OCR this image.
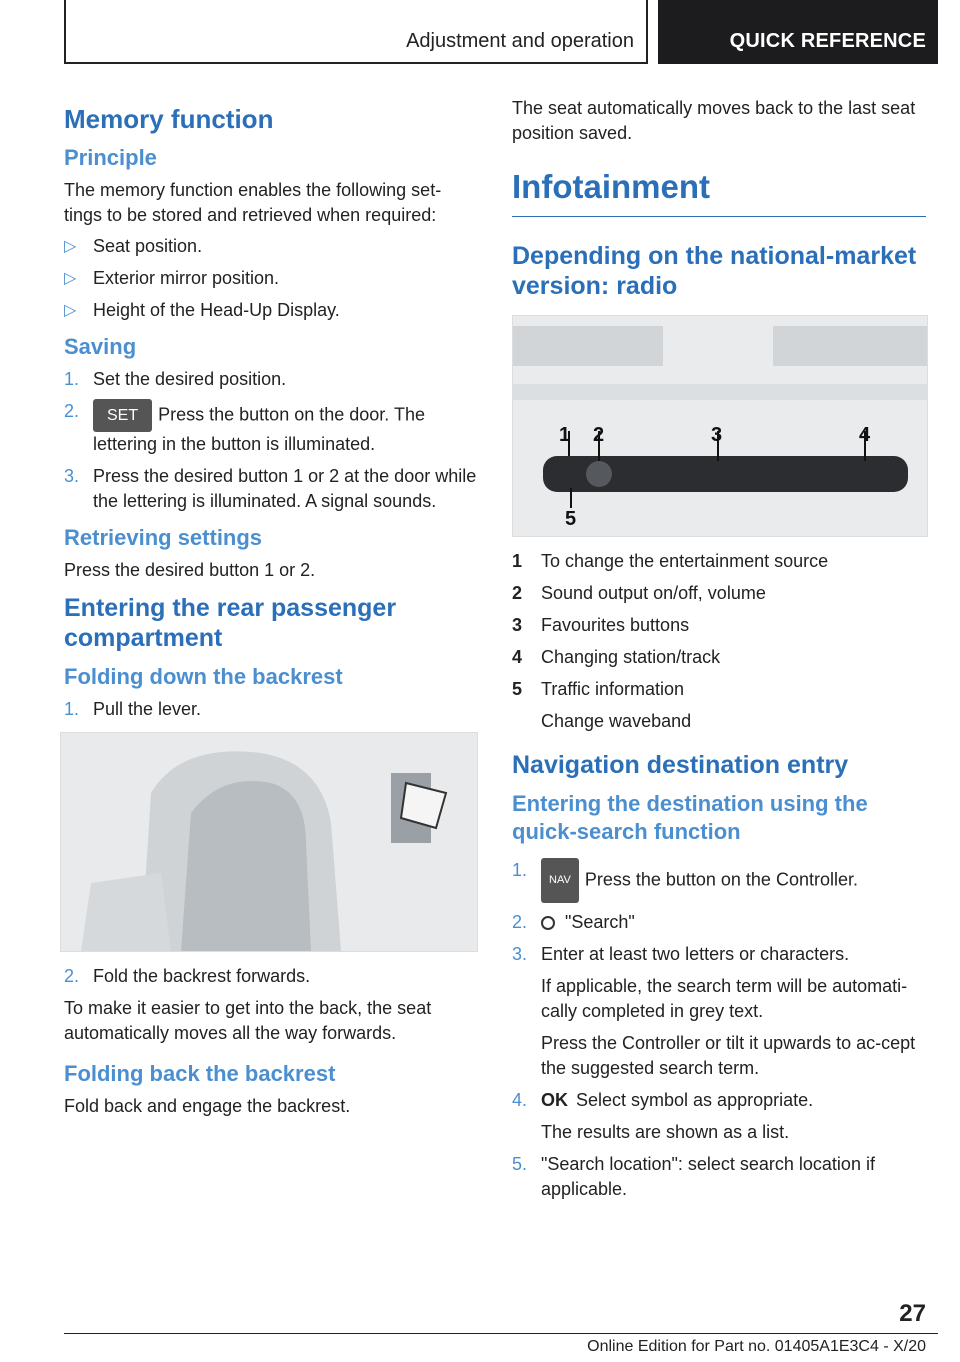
Adjustment and operation	QUICK REFERENCE
Memory function
Principle

The memory function enables the following set-tings to be stored and retrieved when required:

▷ Seat position.
▷ Exterior mirror position.
▷ Height of the Head-Up Display.
Saving
1. Set the desired position.
2. SET Press the button on the door. The lettering in the button is illuminated.
3. Press the desired button 1 or 2 at the door while the lettering is illuminated. A signal sounds.
Retrieving settings

Press the desired button 1 or 2.

Entering the rear passenger compartment
Folding down the backrest
1. Pull the lever.
2. Fold the backrest forwards.

To make it easier to get into the back, the seat automatically moves all the way forwards.

Folding back the backrest

Fold back and engage the backrest.

The seat automatically moves back to the last seat position saved.

Infotainment
Depending on the national-market version: radio
1 2	3	4
5
1	To change the entertainment source
2	Sound output on/off, volume
3	Favourites buttons
4	Changing station/track
5	Traffic information
Change waveband
Navigation destination entry
Entering the destination using the quick-search function
1. NAV Press the button on the Controller.
2. "Search"
3. Enter at least two letters or characters.
If applicable, the search term will be automati-cally completed in grey text.
Press the Controller or tilt it upwards to ac-cept the suggested search term.
4. OK Select symbol as appropriate.
The results are shown as a list.
5. "Search location": select search location if applicable.
27
Online Edition for Part no. 01405A1E3C4 - X/20
